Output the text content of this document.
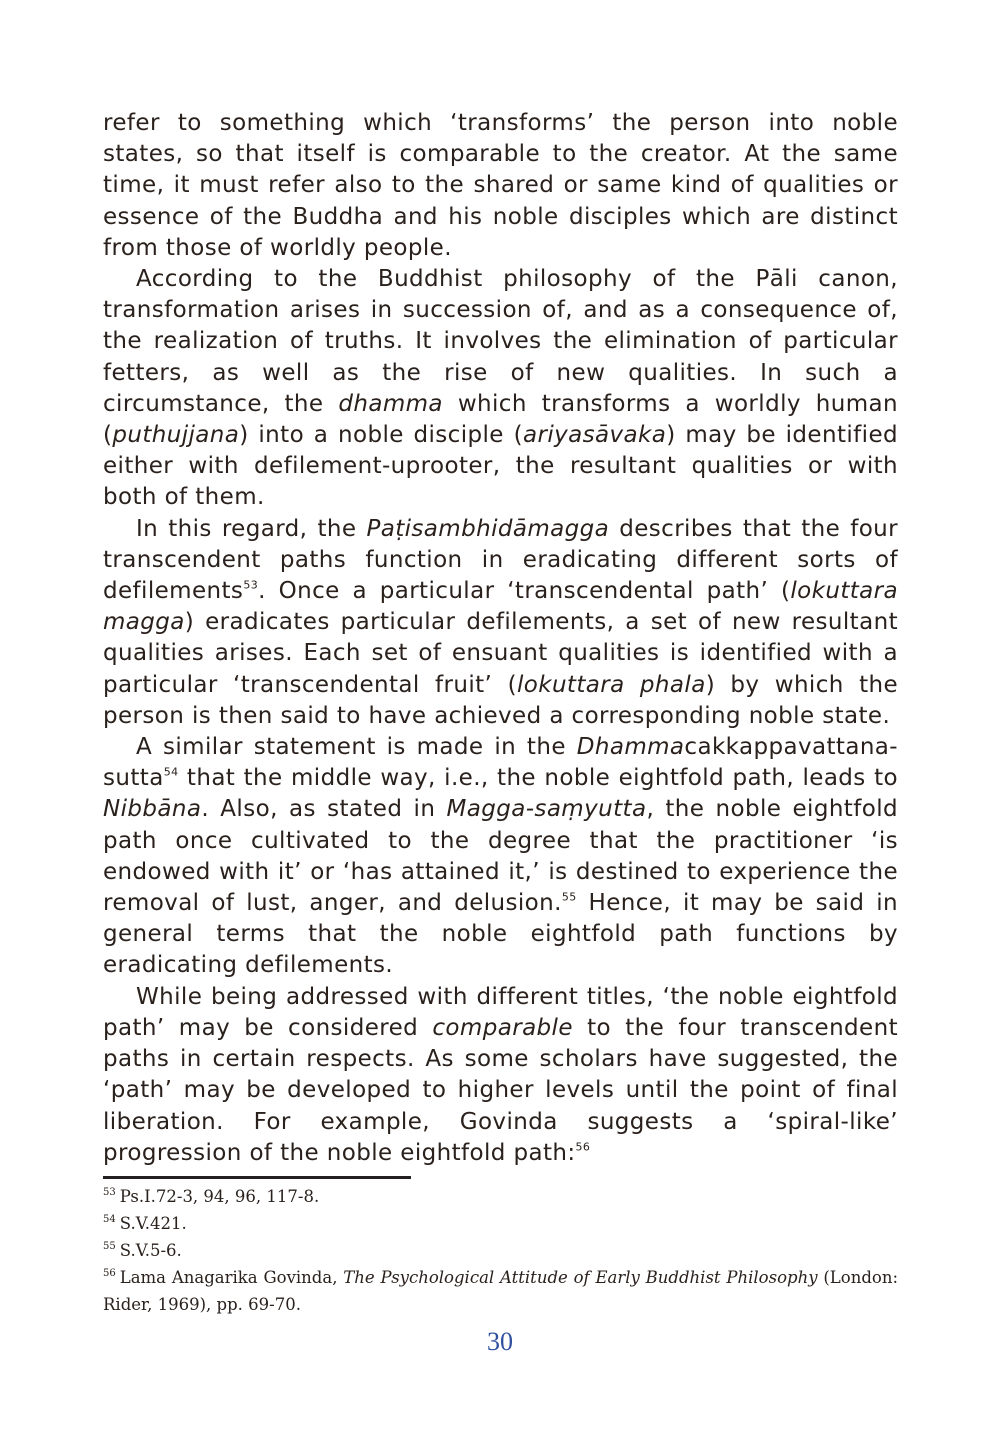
refer to something which ‘transforms’ the person into noble states, so that itself is comparable to the creator. At the same time, it must refer also to the shared or same kind of qualities or essence of the Buddha and his noble disciples which are distinct from those of worldly people.

According to the Buddhist philosophy of the Pāli canon, transformation arises in succession of, and as a consequence of, the realization of truths. It involves the elimination of particular fetters, as well as the rise of new qualities. In such a circumstance, the dhamma which transforms a worldly human (puthujjana) into a noble disciple (ariyasāvaka) may be identified either with defilement-uprooter, the resultant qualities or with both of them.

In this regard, the Paṭisambhidāmagga describes that the four transcendent paths function in eradicating different sorts of defilements$^{53}$. Once a particular ‘transcendental path’ (lokuttara magga) eradicates particular defilements, a set of new resultant qualities arises. Each set of ensuant qualities is identified with a particular ‘transcendental fruit’ (lokuttara phala) by which the person is then said to have achieved a corresponding noble state.

A similar statement is made in the Dhammacakkappavattana-sutta$^{54}$ that the middle way, i.e., the noble eightfold path, leads to Nibbāna. Also, as stated in Magga-saṃyutta, the noble eightfold path once cultivated to the degree that the practitioner ‘is endowed with it’ or ‘has attained it,’ is destined to experience the removal of lust, anger, and delusion.$^{55}$ Hence, it may be said in general terms that the noble eightfold path functions by eradicating defilements.

While being addressed with different titles, ‘the noble eightfold path’ may be considered comparable to the four transcendent paths in certain respects. As some scholars have suggested, the ‘path’ may be developed to higher levels until the point of final liberation. For example, Govinda suggests a ‘spiral-like’ progression of the noble eightfold path:$^{56}$

$^{53}$ Ps.I.72-3, 94, 96, 117-8.

$^{54}$ S.V.421.

$^{55}$ S.V.5-6.

$^{56}$ Lama Anagarika Govinda, The Psychological Attitude of Early Buddhist Philosophy (London: Rider, 1969), pp. 69-70.

30
